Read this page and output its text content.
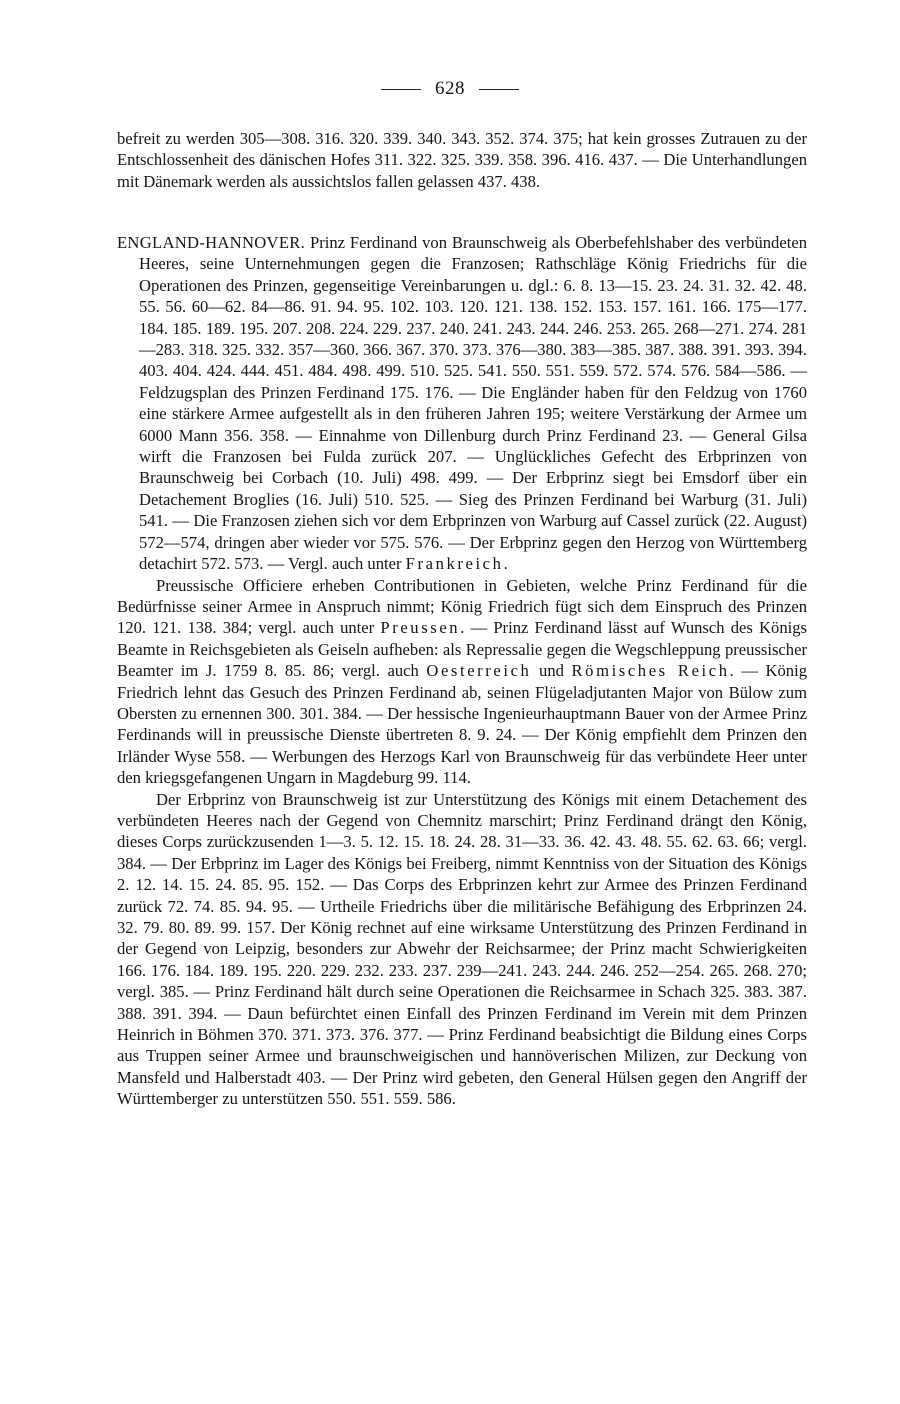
628

befreit zu werden 305—308. 316. 320. 339. 340. 343. 352. 374. 375; hat kein grosses Zutrauen zu der Entschlossenheit des dänischen Hofes 311. 322. 325. 339. 358. 396. 416. 437. — Die Unterhandlungen mit Dänemark werden als aussichtslos fallen gelassen 437. 438.

ENGLAND-HANNOVER. Prinz Ferdinand von Braunschweig als Oberbefehlshaber des verbündeten Heeres, seine Unternehmungen gegen die Franzosen; Rathschläge König Friedrichs für die Operationen des Prinzen, gegenseitige Vereinbarungen u. dgl.: 6. 8. 13—15. 23. 24. 31. 32. 42. 48. 55. 56. 60—62. 84—86. 91. 94. 95. 102. 103. 120. 121. 138. 152. 153. 157. 161. 166. 175—177. 184. 185. 189. 195. 207. 208. 224. 229. 237. 240. 241. 243. 244. 246. 253. 265. 268—271. 274. 281—283. 318. 325. 332. 357—360. 366. 367. 370. 373. 376—380. 383—385. 387. 388. 391. 393. 394. 403. 404. 424. 444. 451. 484. 498. 499. 510. 525. 541. 550. 551. 559. 572. 574. 576. 584—586. — Feldzugsplan des Prinzen Ferdinand 175. 176. — Die Engländer haben für den Feldzug von 1760 eine stärkere Armee aufgestellt als in den früheren Jahren 195; weitere Verstärkung der Armee um 6000 Mann 356. 358. — Einnahme von Dillenburg durch Prinz Ferdinand 23. — General Gilsa wirft die Franzosen bei Fulda zurück 207. — Unglückliches Gefecht des Erbprinzen von Braunschweig bei Corbach (10. Juli) 498. 499. — Der Erbprinz siegt bei Emsdorf über ein Detachement Broglies (16. Juli) 510. 525. — Sieg des Prinzen Ferdinand bei Warburg (31. Juli) 541. — Die Franzosen ziehen sich vor dem Erbprinzen von Warburg auf Cassel zurück (22. August) 572—574, dringen aber wieder vor 575. 576. — Der Erbprinz gegen den Herzog von Württemberg detachirt 572. 573. — Vergl. auch unter Frankreich.

Preussische Officiere erheben Contributionen in Gebieten, welche Prinz Ferdinand für die Bedürfnisse seiner Armee in Anspruch nimmt; König Friedrich fügt sich dem Einspruch des Prinzen 120. 121. 138. 384; vergl. auch unter Preussen. — Prinz Ferdinand lässt auf Wunsch des Königs Beamte in Reichsgebieten als Geiseln aufheben: als Repressalie gegen die Wegschleppung preussischer Beamter im J. 1759 8. 85. 86; vergl. auch Oesterreich und Römisches Reich. — König Friedrich lehnt das Gesuch des Prinzen Ferdinand ab, seinen Flügeladjutanten Major von Bülow zum Obersten zu ernennen 300. 301. 384. — Der hessische Ingenieurhauptmann Bauer von der Armee Prinz Ferdinands will in preussische Dienste übertreten 8. 9. 24. — Der König empfiehlt dem Prinzen den Irländer Wyse 558. — Werbungen des Herzogs Karl von Braunschweig für das verbündete Heer unter den kriegsgefangenen Ungarn in Magdeburg 99. 114.

Der Erbprinz von Braunschweig ist zur Unterstützung des Königs mit einem Detachement des verbündeten Heeres nach der Gegend von Chemnitz marschirt; Prinz Ferdinand drängt den König, dieses Corps zurückzusenden 1—3. 5. 12. 15. 18. 24. 28. 31—33. 36. 42. 43. 48. 55. 62. 63. 66; vergl. 384. — Der Erbprinz im Lager des Königs bei Freiberg, nimmt Kenntniss von der Situation des Königs 2. 12. 14. 15. 24. 85. 95. 152. — Das Corps des Erbprinzen kehrt zur Armee des Prinzen Ferdinand zurück 72. 74. 85. 94. 95. — Urtheile Friedrichs über die militärische Befähigung des Erbprinzen 24. 32. 79. 80. 89. 99. 157. Der König rechnet auf eine wirksame Unterstützung des Prinzen Ferdinand in der Gegend von Leipzig, besonders zur Abwehr der Reichsarmee; der Prinz macht Schwierigkeiten 166. 176. 184. 189. 195. 220. 229. 232. 233. 237. 239—241. 243. 244. 246. 252—254. 265. 268. 270; vergl. 385. — Prinz Ferdinand hält durch seine Operationen die Reichsarmee in Schach 325. 383. 387. 388. 391. 394. — Daun befürchtet einen Einfall des Prinzen Ferdinand im Verein mit dem Prinzen Heinrich in Böhmen 370. 371. 373. 376. 377. — Prinz Ferdinand beabsichtigt die Bildung eines Corps aus Truppen seiner Armee und braunschweigischen und hannöverischen Milizen, zur Deckung von Mansfeld und Halberstadt 403. — Der Prinz wird gebeten, den General Hülsen gegen den Angriff der Württemberger zu unterstützen 550. 551. 559. 586.
